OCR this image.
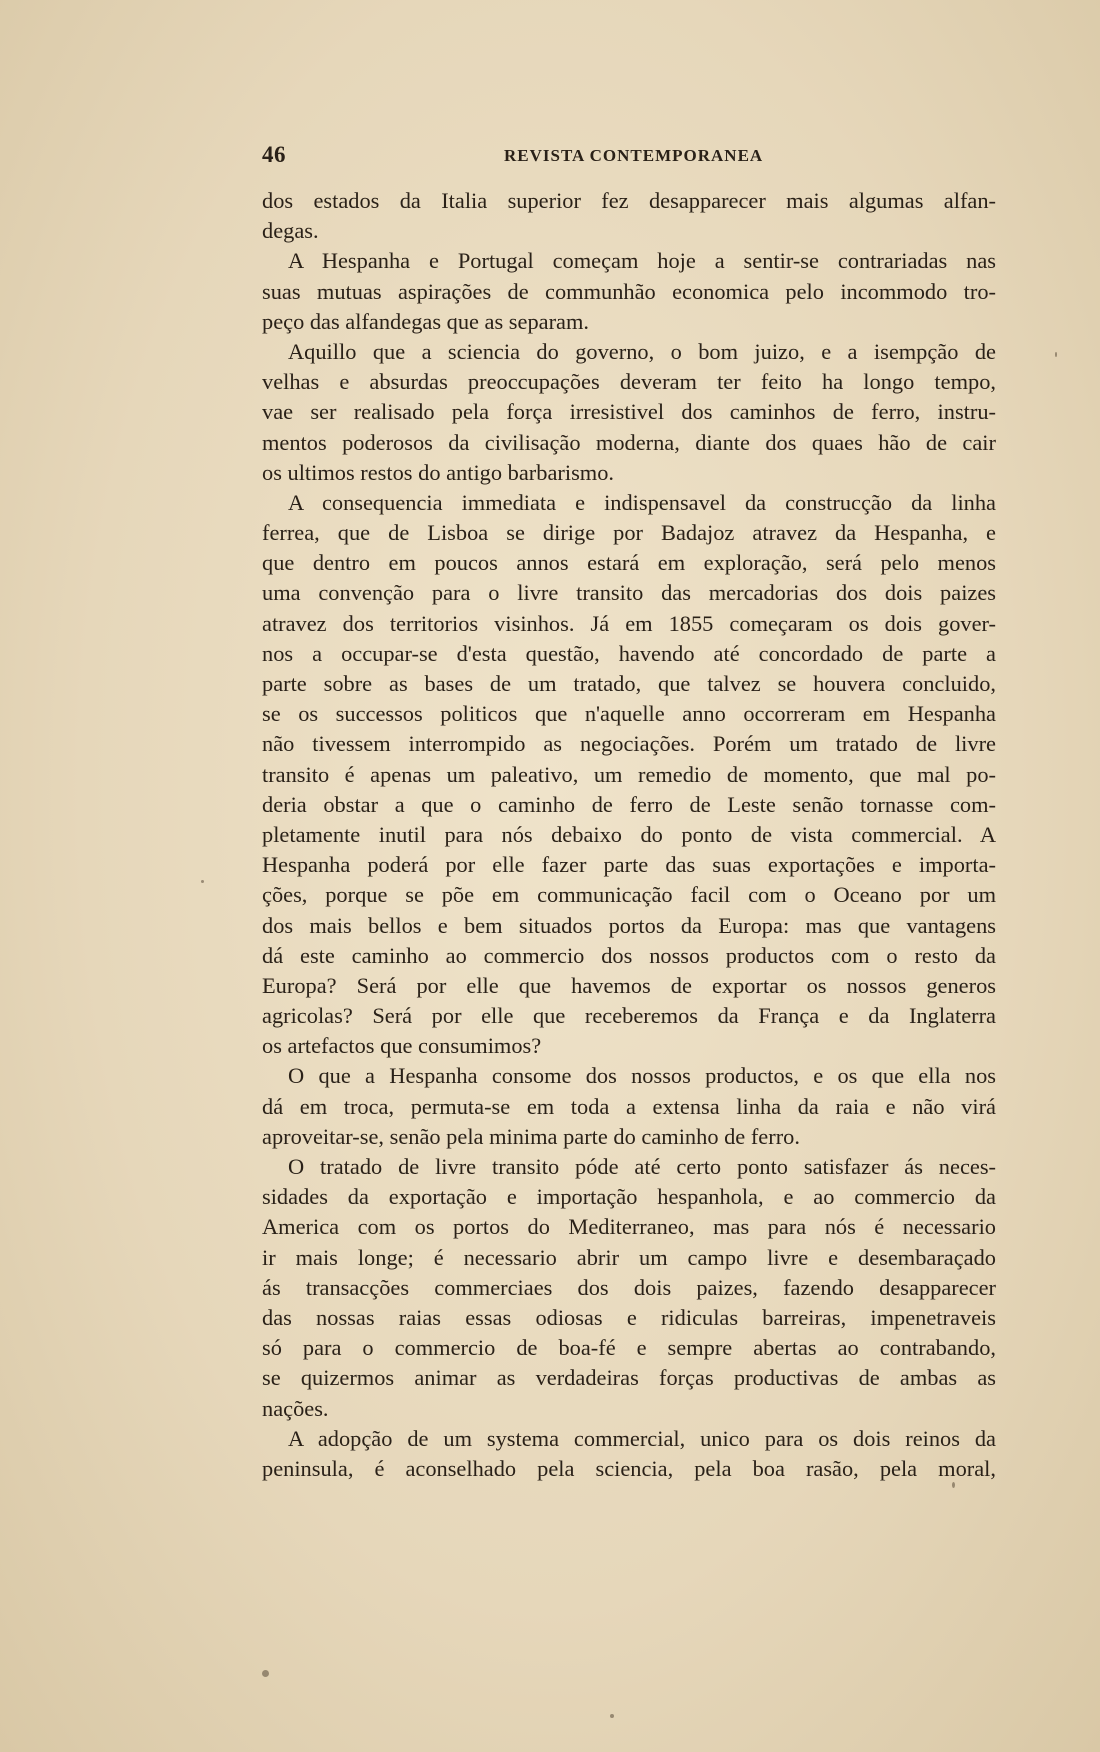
46	REVISTA CONTEMPORANEA
dos estados da Italia superior fez desapparecer mais algumas alfan-
degas.
A Hespanha e Portugal começam hoje a sentir-se contrariadas nas
suas mutuas aspirações de communhão economica pelo incommodo tro-
peço das alfandegas que as separam.
Aquillo que a sciencia do governo, o bom juizo, e a isempção de
velhas e absurdas preoccupações deveram ter feito ha longo tempo,
vae ser realisado pela força irresistivel dos caminhos de ferro, instru-
mentos poderosos da civilisação moderna, diante dos quaes hão de cair
os ultimos restos do antigo barbarismo.
A consequencia immediata e indispensavel da construcção da linha
ferrea, que de Lisboa se dirige por Badajoz atravez da Hespanha, e
que dentro em poucos annos estará em exploração, será pelo menos
uma convenção para o livre transito das mercadorias dos dois paizes
atravez dos territorios visinhos. Já em 1855 começaram os dois gover-
nos a occupar-se d'esta questão, havendo até concordado de parte a
parte sobre as bases de um tratado, que talvez se houvera concluido,
se os successos politicos que n'aquelle anno occorreram em Hespanha
não tivessem interrompido as negociações. Porém um tratado de livre
transito é apenas um paleativo, um remedio de momento, que mal po-
deria obstar a que o caminho de ferro de Leste senão tornasse com-
pletamente inutil para nós debaixo do ponto de vista commercial. A
Hespanha poderá por elle fazer parte das suas exportações e importa-
ções, porque se põe em communicação facil com o Oceano por um
dos mais bellos e bem situados portos da Europa: mas que vantagens
dá este caminho ao commercio dos nossos productos com o resto da
Europa? Será por elle que havemos de exportar os nossos generos
agricolas? Será por elle que receberemos da França e da Inglaterra
os artefactos que consumimos?
O que a Hespanha consome dos nossos productos, e os que ella nos
dá em troca, permuta-se em toda a extensa linha da raia e não virá
aproveitar-se, senão pela minima parte do caminho de ferro.
O tratado de livre transito póde até certo ponto satisfazer ás neces-
sidades da exportação e importação hespanhola, e ao commercio da
America com os portos do Mediterraneo, mas para nós é necessario
ir mais longe; é necessario abrir um campo livre e desembaraçado
ás transacções commerciaes dos dois paizes, fazendo desapparecer
das nossas raias essas odiosas e ridiculas barreiras, impenetraveis
só para o commercio de boa-fé e sempre abertas ao contrabando,
se quizermos animar as verdadeiras forças productivas de ambas as
nações.
A adopção de um systema commercial, unico para os dois reinos da
peninsula, é aconselhado pela sciencia, pela boa rasão, pela moral,
